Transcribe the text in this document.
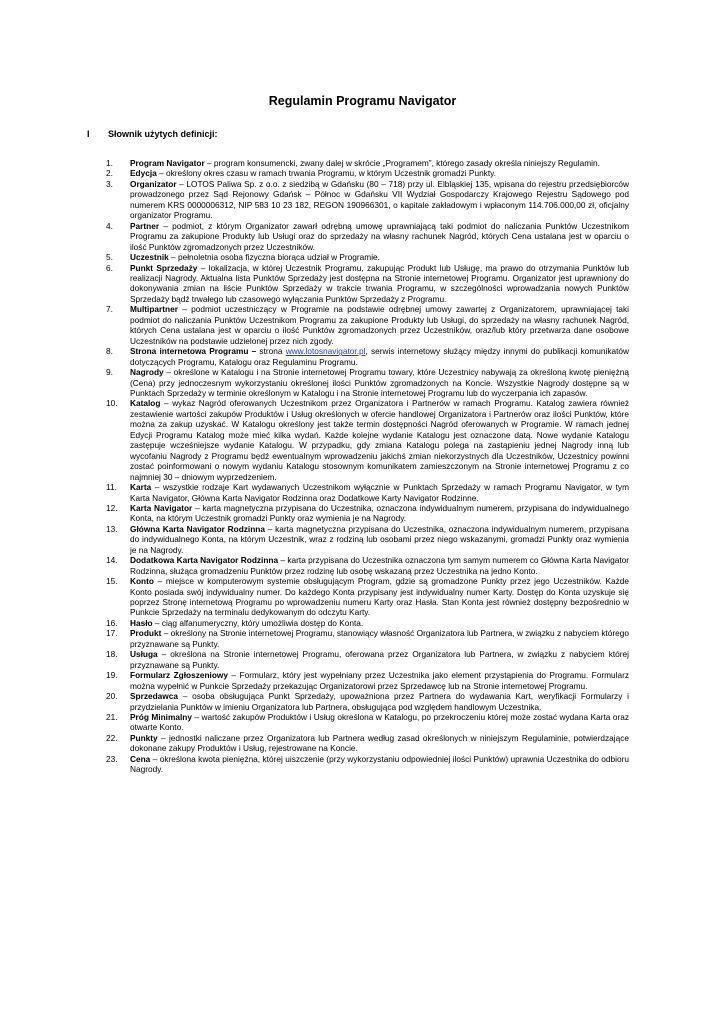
Regulamin Programu Navigator
I	Słownik użytych definicji:
1.	Program Navigator – program konsumencki, zwany dalej w skrócie „Programem”, którego zasady określa niniejszy Regulamin.
2.	Edycja – określony okres czasu w ramach trwania Programu, w którym Uczestnik gromadzi Punkty.
3.	Organizator – LOTOS Paliwa Sp. z o.o. z siedzibą w Gdańsku (80 – 718) przy ul. Elbląskiej 135, wpisana do rejestru przedsiębiorców prowadzonego przez Sąd Rejonowy Gdańsk – Północ w Gdańsku VII Wydział Gospodarczy Krajowego Rejestru Sądowego pod numerem KRS 0000006312, NIP 583 10 23 182, REGON 190966301, o kapitale zakładowym i wpłaconym 114.706.000,00 zł, oficjalny organizator Programu.
4.	Partner – podmiot, z którym Organizator zawarł odrębną umowę uprawniającą taki podmiot do naliczania Punktów Uczestnikom Programu za zakupione Produkty lub Usługi oraz do sprzedaży na własny rachunek Nagród, których Cena ustalana jest w oparciu o ilość Punktów zgromadzonych przez Uczestników.
5.	Uczestnik – pełnoletnia osoba fizyczna biorąca udział w Programie.
6.	Punkt Sprzedaży – lokalizacja, w której Uczestnik Programu, zakupując Produkt lub Usługę, ma prawo do otrzymania Punktów lub realizacji Nagrody. Aktualna lista Punktów Sprzedaży jest dostępna na Stronie internetowej Programu. Organizator jest uprawniony do dokonywania zmian na liście Punktów Sprzedaży w trakcie trwania Programu, w szczególności wprowadzania nowych Punktów Sprzedaży bądź trwałego lub czasowego wyłączania Punktów Sprzedaży z Programu.
7.	Multipartner – podmiot uczestniczący w Programie na podstawie odrębnej umowy zawartej z Organizatorem, uprawniającej taki podmiot do naliczania Punktów Uczestnikom Programu za zakupione Produkty lub Usługi, do sprzedaży na własny rachunek Nagród, których Cena ustalana jest w oparciu o ilość Punktów zgromadzonych przez Uczestników, oraz/lub który przetwarza dane osobowe Uczestników na podstawie udzielonej przez nich zgody.
8.	Strona internetowa Programu – strona www.lotosnavigator.pl, serwis internetowy służący między innymi do publikacji komunikatów dotyczących Programu, Katalogu oraz Regulaminu Programu.
9.	Nagrody – określone w Katalogu i na Stronie internetowej Programu towary, które Uczestnicy nabywają za określoną kwotę pieniężną (Cena) przy jednoczesnym wykorzystaniu określonej ilości Punktów zgromadzonych na Koncie. Wszystkie Nagrody dostępne są w Punktach Sprzedaży w terminie określonym w Katalogu i na Stronie internetowej Programu lub do wyczerpania ich zapasów.
10.	Katalog – wykaz Nagród oferowanych Uczestnikom przez Organizatora i Partnerów w ramach Programu. Katalog zawiera również zestawienie wartości zakupów Produktów i Usług określonych w ofercie handlowej Organizatora i Partnerów oraz ilości Punktów, które można za zakup uzyskać. W Katalogu określony jest także termin dostępności Nagród oferowanych w Programie. W ramach jednej Edycji Programu Katalog może mieć kilka wydań. Każde kolejne wydanie Katalogu jest oznaczone datą. Nowe wydanie Katalogu zastępuje wcześniejsze wydanie Katalogu. W przypadku, gdy zmiana Katalogu polega na zastąpieniu jednej Nagrody inną lub wycofaniu Nagrody z Programu będź ewentualnym wprowadzeniu jakichś zmian niekorzystnych dla Uczestników, Uczestnicy powinni zostać poinformowani o nowym wydaniu Katalogu stosownym komunikatem zamieszczonym na Stronie internetowej Programu z co najmniej 30 – dniowym wyprzedzeniem.
11.	Karta – wszystkie rodzaje Kart wydawanych Uczestnikom wyłącznie w Punktach Sprzedaży w ramach Programu Navigator, w tym Karta Navigator, Główna Karta Navigator Rodzinna oraz Dodatkowe Karty Navigator Rodzinne.
12.	Karta Navigator – karta magnetyczna przypisana do Uczestnika, oznaczona indywidualnym numerem, przypisana do indywidualnego Konta, na którym Uczestnik gromadzi Punkty oraz wymienia je na Nagrody.
13.	Główna Karta Navigator Rodzinna – karta magnetyczna przypisana do Uczestnika, oznaczona indywidualnym numerem, przypisana do indywidualnego Konta, na którym Uczestnik, wraz z rodziną lub osobami przez niego wskazanymi, gromadzi Punkty oraz wymienia je na Nagrody.
14.	Dodatkowa Karta Navigator Rodzinna – karta przypisana do Uczestnika oznaczona tym samym numerem co Główna Karta Navigator Rodzinna, służąca gromadzeniu Punktów przez rodzinę lub osobę wskazaną przez Uczestnika na jedno Konto.
15.	Konto – miejsce w komputerowym systemie obsługującym Program, gdzie są gromadzone Punkty przez jego Uczestników. Każde Konto posiada swój indywidualny numer. Do każdego Konta przypisany jest indywidualny numer Karty. Dostęp do Konta uzyskuje się poprzez Stronę internetową Programu po wprowadzeniu numeru Karty oraz Hasła. Stan Konta jest również dostępny bezpośrednio w Punkcie Sprzedaży na terminalu dedykowanym do odczytu Karty.
16.	Hasło – ciąg alfanumeryczny, który umożliwia dostęp do Konta.
17.	Produkt – określony na Stronie internetowej Programu, stanowiący własność Organizatora lub Partnera, w związku z nabyciem którego przyznawane są Punkty.
18.	Usługa – określona na Stronie internetowej Programu, oferowana przez Organizatora lub Partnera, w związku z nabyciem której przyznawane są Punkty.
19.	Formularz Zgłoszeniowy – Formularz, który jest wypełniany przez Uczestnika jako element przystąpienia do Programu. Formularz można wypełnić w Punkcie Sprzedaży przekazując Organizatorowi przez Sprzedawcę lub na Stronie internetowej Programu.
20.	Sprzedawca – osoba obsługująca Punkt Sprzedaży, upoważniona przez Partnera do wydawania Kart, weryfikacji Formularzy i przydzielania Punktów w imieniu Organizatora lub Partnera, obsługująca pod względem handlowym Uczestnika.
21.	Próg Minimalny – wartość zakupów Produktów i Usług określona w Katalogu, po przekroczeniu której może zostać wydana Karta oraz otwarte Konto.
22.	Punkty – jednostki naliczane przez Organizatora lub Partnera według zasad określonych w niniejszym Regulaminie, potwierdzające dokonane zakupy Produktów i Usług, rejestrowane na Koncie.
23.	Cena – określona kwota pieniężna, której uiszczenie (przy wykorzystaniu odpowiedniej ilości Punktów) uprawnia Uczestnika do odbioru Nagrody.
